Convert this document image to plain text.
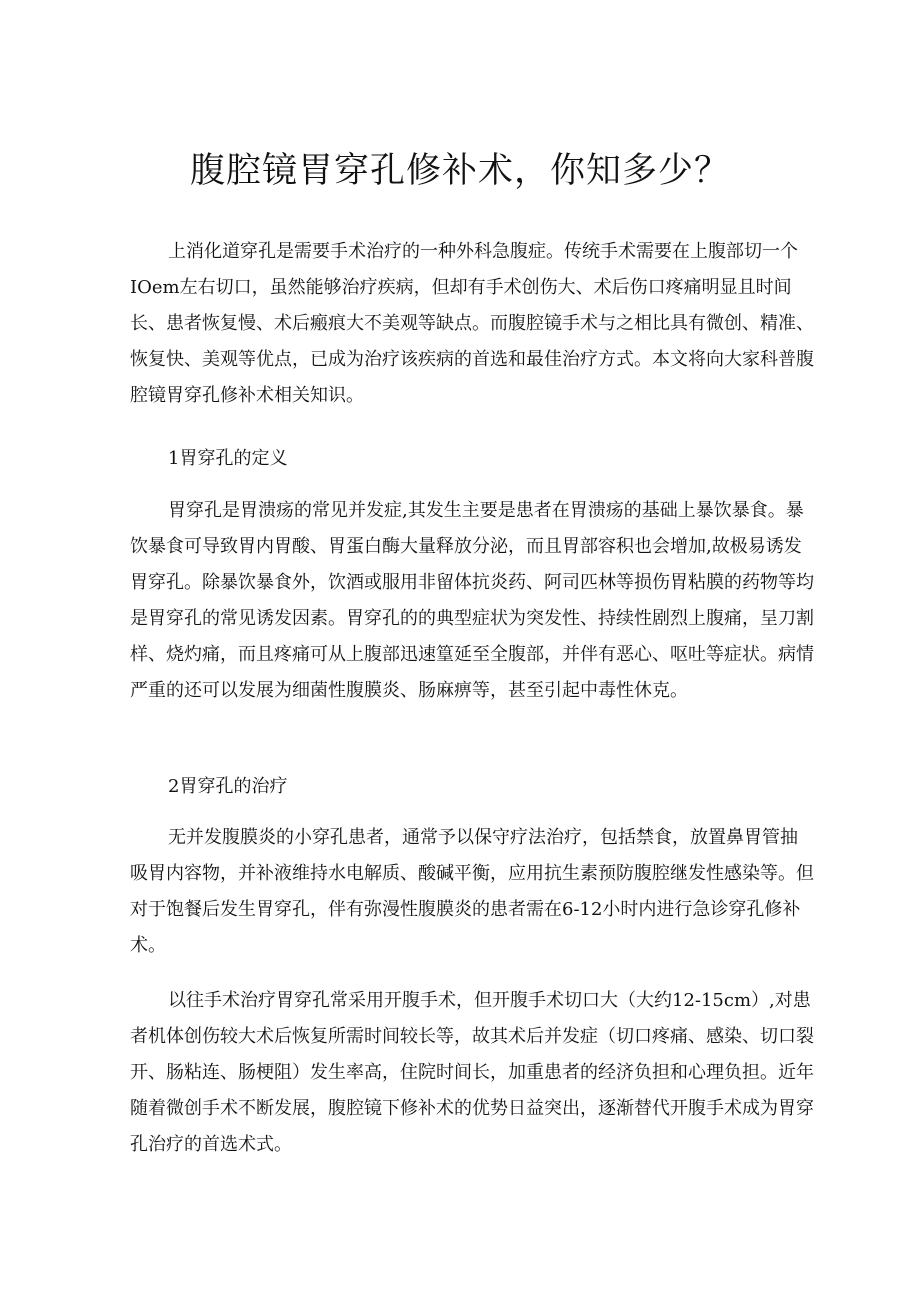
腹腔镜胃穿孔修补术，你知多少？

上消化道穿孔是需要手术治疗的一种外科急腹症。传统手术需要在上腹部切一个IOem左右切口，虽然能够治疗疾病，但却有手术创伤大、术后伤口疼痛明显且时间长、患者恢复慢、术后瘢痕大不美观等缺点。而腹腔镜手术与之相比具有微创、精准、恢复快、美观等优点，已成为治疗该疾病的首选和最佳治疗方式。本文将向大家科普腹腔镜胃穿孔修补术相关知识。

1胃穿孔的定义

胃穿孔是胃溃疡的常见并发症,其发生主要是患者在胃溃疡的基础上暴饮暴食。暴饮暴食可导致胃内胃酸、胃蛋白酶大量释放分泌，而且胃部容积也会增加,故极易诱发胃穿孔。除暴饮暴食外，饮酒或服用非留体抗炎药、阿司匹林等损伤胃粘膜的药物等均是胃穿孔的常见诱发因素。胃穿孔的的典型症状为突发性、持续性剧烈上腹痛，呈刀割样、烧灼痛，而且疼痛可从上腹部迅速篁延至全腹部，并伴有恶心、呕吐等症状。病情严重的还可以发展为细菌性腹膜炎、肠麻痹等，甚至引起中毒性休克。

2胃穿孔的治疗

无并发腹膜炎的小穿孔患者，通常予以保守疗法治疗，包括禁食，放置鼻胃管抽吸胃内容物，并补液维持水电解质、酸碱平衡，应用抗生素预防腹腔继发性感染等。但对于饱餐后发生胃穿孔，伴有弥漫性腹膜炎的患者需在6-12小时内进行急诊穿孔修补术。

以往手术治疗胃穿孔常采用开腹手术，但开腹手术切口大（大约12-15cm）,对患者机体创伤较大术后恢复所需时间较长等，故其术后并发症（切口疼痛、感染、切口裂开、肠粘连、肠梗阻）发生率高，住院时间长，加重患者的经济负担和心理负担。近年随着微创手术不断发展，腹腔镜下修补术的优势日益突出，逐渐替代开腹手术成为胃穿孔治疗的首选术式。
